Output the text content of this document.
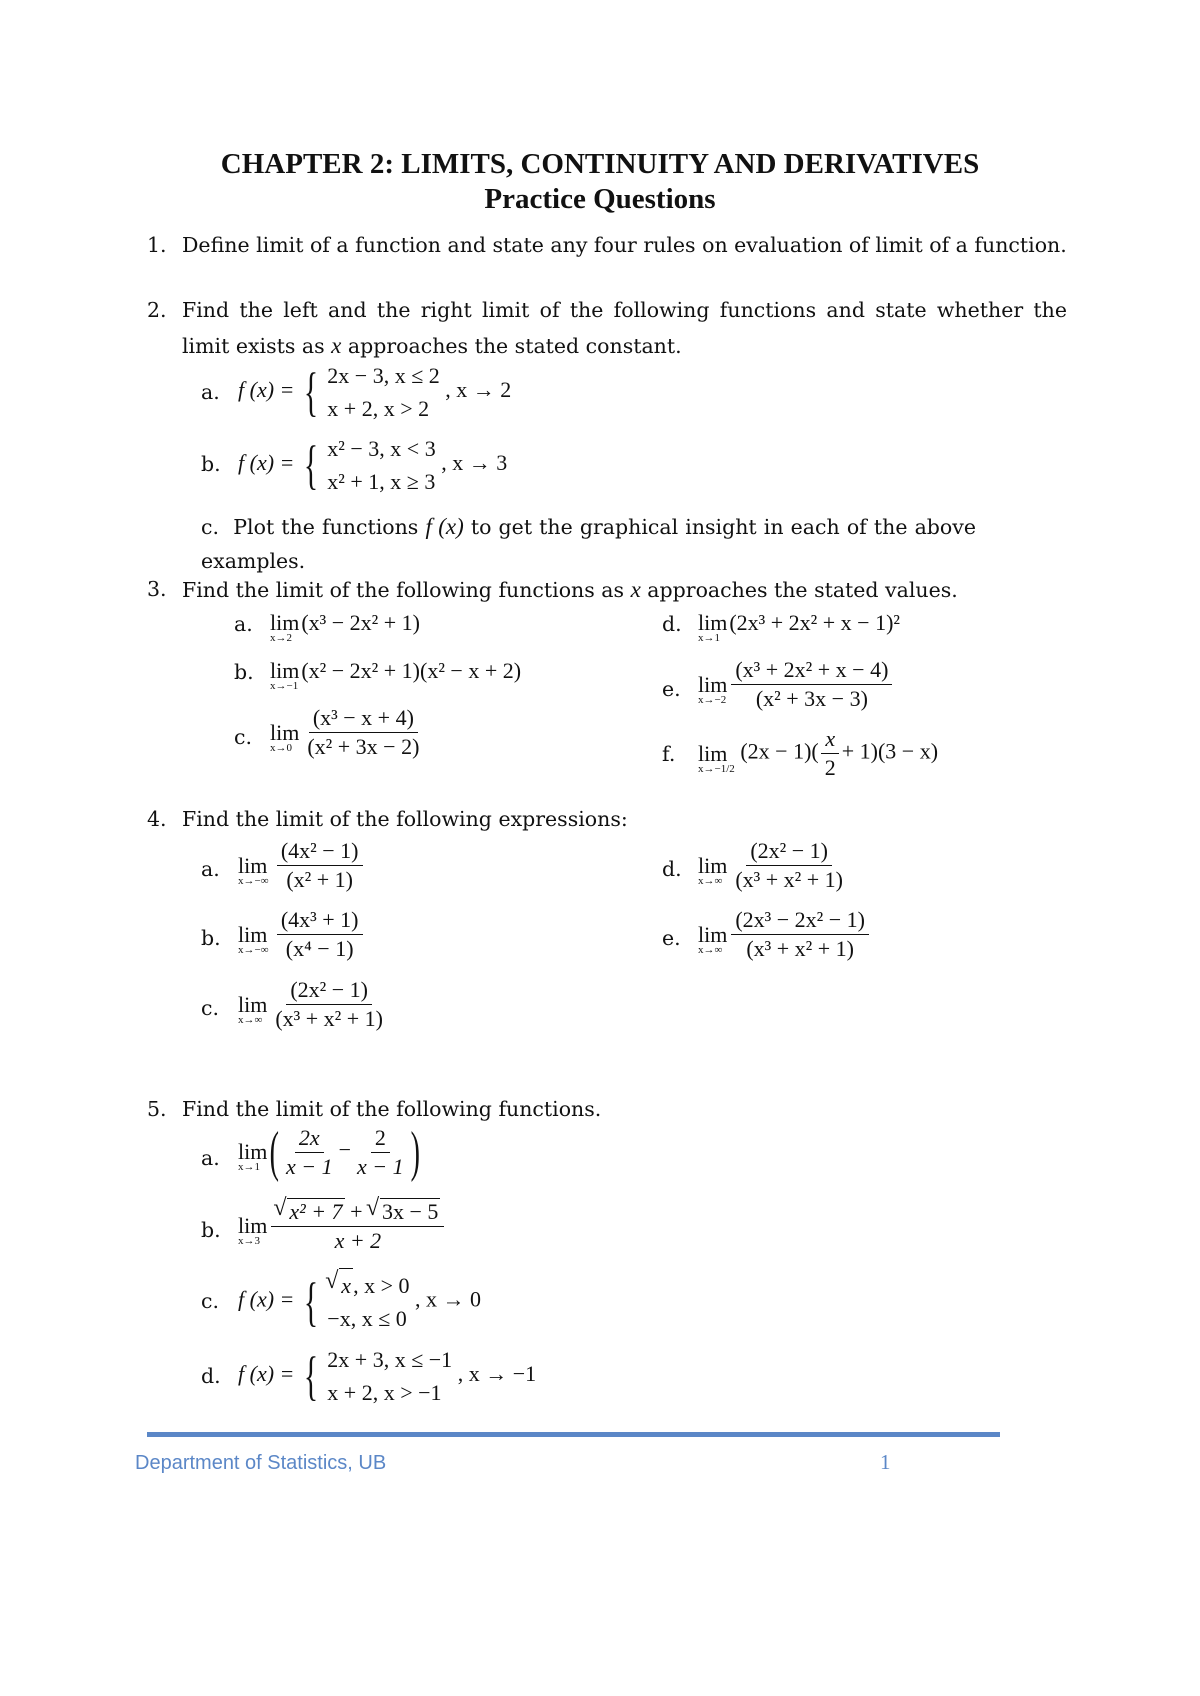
CHAPTER 2: LIMITS, CONTINUITY AND DERIVATIVES
Practice Questions
1. Define limit of a function and state any four rules on evaluation of limit of a function.
2. Find the left and the right limit of the following functions and state whether the limit exists as x approaches the stated constant.
a. f (x) = { 2x − 3, x ≤ 2
x + 2, x > 2
, x → 2
b. f (x) = { x² − 3, x < 3
x² + 1, x ≥ 3
, x → 3
c. Plot the functions f (x) to get the graphical insight in each of the above examples.
3. Find the limit of the following functions as x approaches the stated values.
a. lim
x→2
(x³ − 2x² + 1)
b. lim
x→−1
(x² − 2x² + 1)(x² − x + 2)
c. lim
$x\to 0 \frac{\text{(x³ − x + 4)}}{\text{(x² + 3x − 2)}}$
d. lim
x→1
(2x³ + 2x² + x − 1)²
e. lim
$x\to-2 \frac{\text{(x³ + 2x² + x − 4)}}{\text{(x² + 3x − 3)}}$
f. lim
x→−1/2
$(2x - 1)( \frac{x}{2} + 1)(3 - x)$
4. Find the limit of the following expressions:
a. lim
x→−∞
$\frac{\text{(4x² − 1)}}{\text{(x² + 1)}}$
b. lim
x→−∞
$\frac{\text{(4x³ + 1)}}{\text{(x⁴ − 1)}}$
c. lim
$x\to\infty \frac{\text{(2x² − 1)}}{\text{(x³ + x² + 1)}}$
d. lim
$x\to\infty \frac{\text{(2x² − 1)}}{\text{(x³ + x² + 1)}}$
e. lim
$x\to\infty \frac{\text{(2x³ − 2x² − 1)}}{\text{(x³ + x² + 1)}}$
5. Find the limit of the following functions.
a. lim
x→1 ( $\frac{2x}{x - 1} - \frac{2}{x - 1}$ )
b. lim
x→3 √ $\frac{\text{x² + 7 + √ 3x − 5}}{x + 2}$
c. f (x) = {	√ x, x > 0
−x, x ≤ 0
, x → 0
d. f (x) = { 2x + 3, x ≤ −1
x + 2, x > −1
, x → −1
Department of Statistics, UB	1
